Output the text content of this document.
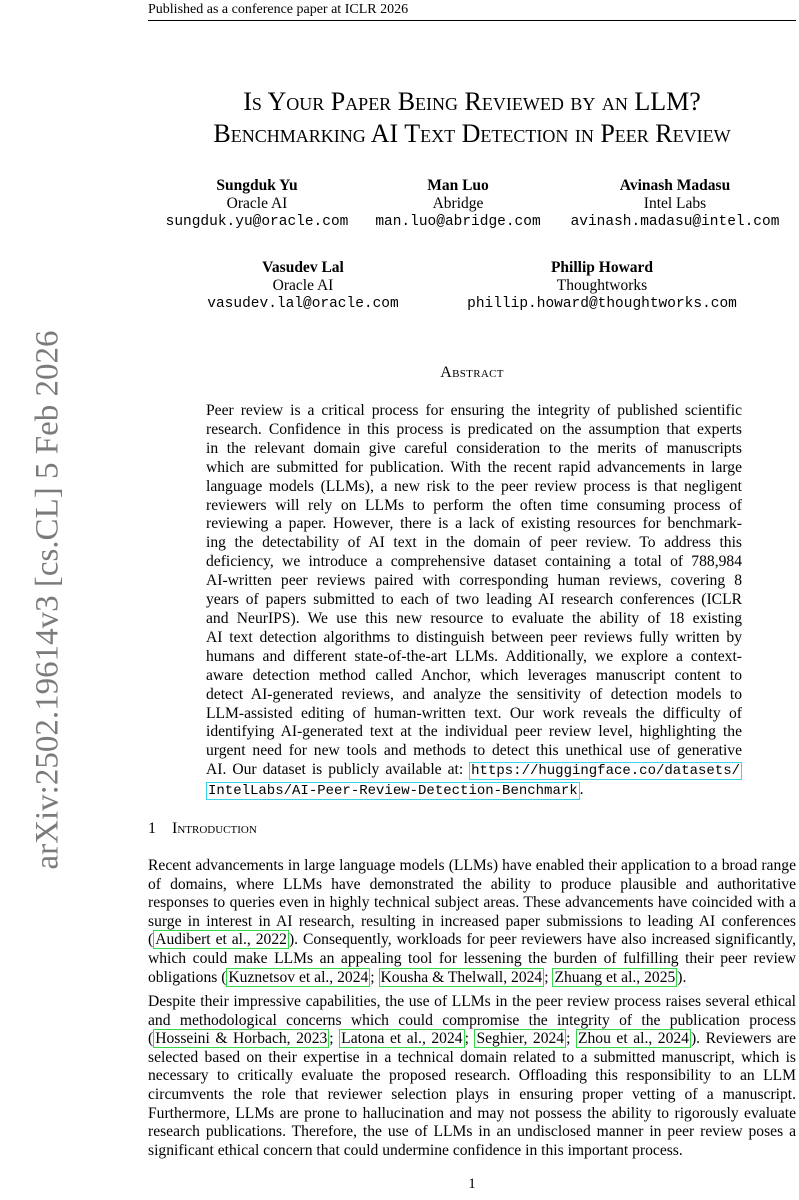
Published as a conference paper at ICLR 2026
arXiv:2502.19614v3 [cs.CL] 5 Feb 2026
Is Your Paper Being Reviewed by an LLM?
Benchmarking AI Text Detection in Peer Review
Sungduk Yu
Oracle AI
sungduk.yu@oracle.com
Man Luo
Abridge
man.luo@abridge.com
Avinash Madasu
Intel Labs
avinash.madasu@intel.com
Vasudev Lal
Oracle AI
vasudev.lal@oracle.com
Phillip Howard
Thoughtworks
phillip.howard@thoughtworks.com
Abstract
Peer review is a critical process for ensuring the integrity of published scientific
research. Confidence in this process is predicated on the assumption that experts
in the relevant domain give careful consideration to the merits of manuscripts
which are submitted for publication. With the recent rapid advancements in large
language models (LLMs), a new risk to the peer review process is that negligent
reviewers will rely on LLMs to perform the often time consuming process of
reviewing a paper. However, there is a lack of existing resources for benchmark-
ing the detectability of AI text in the domain of peer review. To address this
deficiency, we introduce a comprehensive dataset containing a total of 788,984
AI-written peer reviews paired with corresponding human reviews, covering 8
years of papers submitted to each of two leading AI research conferences (ICLR
and NeurIPS). We use this new resource to evaluate the ability of 18 existing
AI text detection algorithms to distinguish between peer reviews fully written by
humans and different state-of-the-art LLMs. Additionally, we explore a context-
aware detection method called Anchor, which leverages manuscript content to
detect AI-generated reviews, and analyze the sensitivity of detection models to
LLM-assisted editing of human-written text. Our work reveals the difficulty of
identifying AI-generated text at the individual peer review level, highlighting the
urgent need for new tools and methods to detect this unethical use of generative
AI. Our dataset is publicly available at: https://huggingface.co/datasets/
IntelLabs/AI-Peer-Review-Detection-Benchmark .
1 Introduction
Recent advancements in large language models (LLMs) have enabled their application to a broad range of domains, where LLMs have demonstrated the ability to produce plausible and authoritative responses to queries even in highly technical subject areas. These advancements have coincided with a surge in interest in AI research, resulting in increased paper submissions to leading AI conferences ( Audibert et al., 2022 ). Consequently, workloads for peer reviewers have also increased significantly, which could make LLMs an appealing tool for lessening the burden of fulfilling their peer review obligations ( Kuznetsov et al., 2024 ; Kousha & Thelwall, 2024 ; Zhuang et al., 2025 ).
Despite their impressive capabilities, the use of LLMs in the peer review process raises several ethical and methodological concerns which could compromise the integrity of the publication process ( Hosseini & Horbach, 2023 ; Latona et al., 2024 ; Seghier, 2024 ; Zhou et al., 2024 ). Reviewers are selected based on their expertise in a technical domain related to a submitted manuscript, which is necessary to critically evaluate the proposed research. Offloading this responsibility to an LLM circumvents the role that reviewer selection plays in ensuring proper vetting of a manuscript. Furthermore, LLMs are prone to hallucination and may not possess the ability to rigorously evaluate research publications. Therefore, the use of LLMs in an undisclosed manner in peer review poses a significant ethical concern that could undermine confidence in this important process.
1
